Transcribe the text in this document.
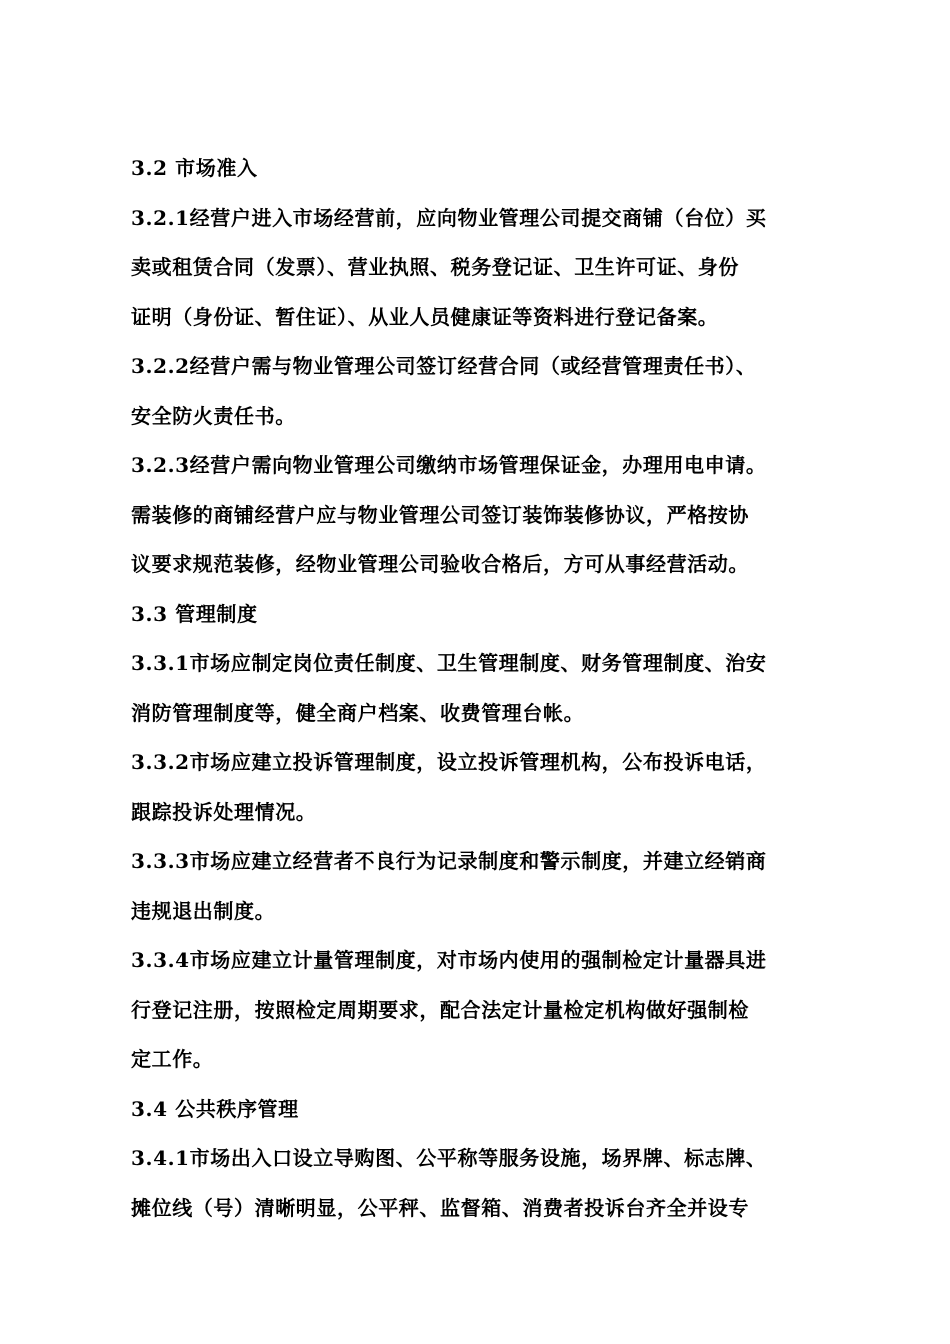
3.2 市场准入
3.2.1经营户进入市场经营前，应向物业管理公司提交商铺（台位）买
卖或租赁合同（发票）、营业执照、税务登记证、卫生许可证、身份
证明（身份证、暂住证）、从业人员健康证等资料进行登记备案。
3.2.2经营户需与物业管理公司签订经营合同（或经营管理责任书）、
安全防火责任书。
3.2.3经营户需向物业管理公司缴纳市场管理保证金，办理用电申请。
需装修的商铺经营户应与物业管理公司签订装饰装修协议，严格按协
议要求规范装修，经物业管理公司验收合格后，方可从事经营活动。
3.3 管理制度
3.3.1市场应制定岗位责任制度、卫生管理制度、财务管理制度、治安
消防管理制度等，健全商户档案、收费管理台帐。
3.3.2市场应建立投诉管理制度，设立投诉管理机构，公布投诉电话，
跟踪投诉处理情况。
3.3.3市场应建立经营者不良行为记录制度和警示制度，并建立经销商
违规退出制度。
3.3.4市场应建立计量管理制度，对市场内使用的强制检定计量器具进
行登记注册，按照检定周期要求，配合法定计量检定机构做好强制检
定工作。
3.4 公共秩序管理
3.4.1市场出入口设立导购图、公平称等服务设施，场界牌、标志牌、
摊位线（号）清晰明显，公平秤、监督箱、消费者投诉台齐全并设专
